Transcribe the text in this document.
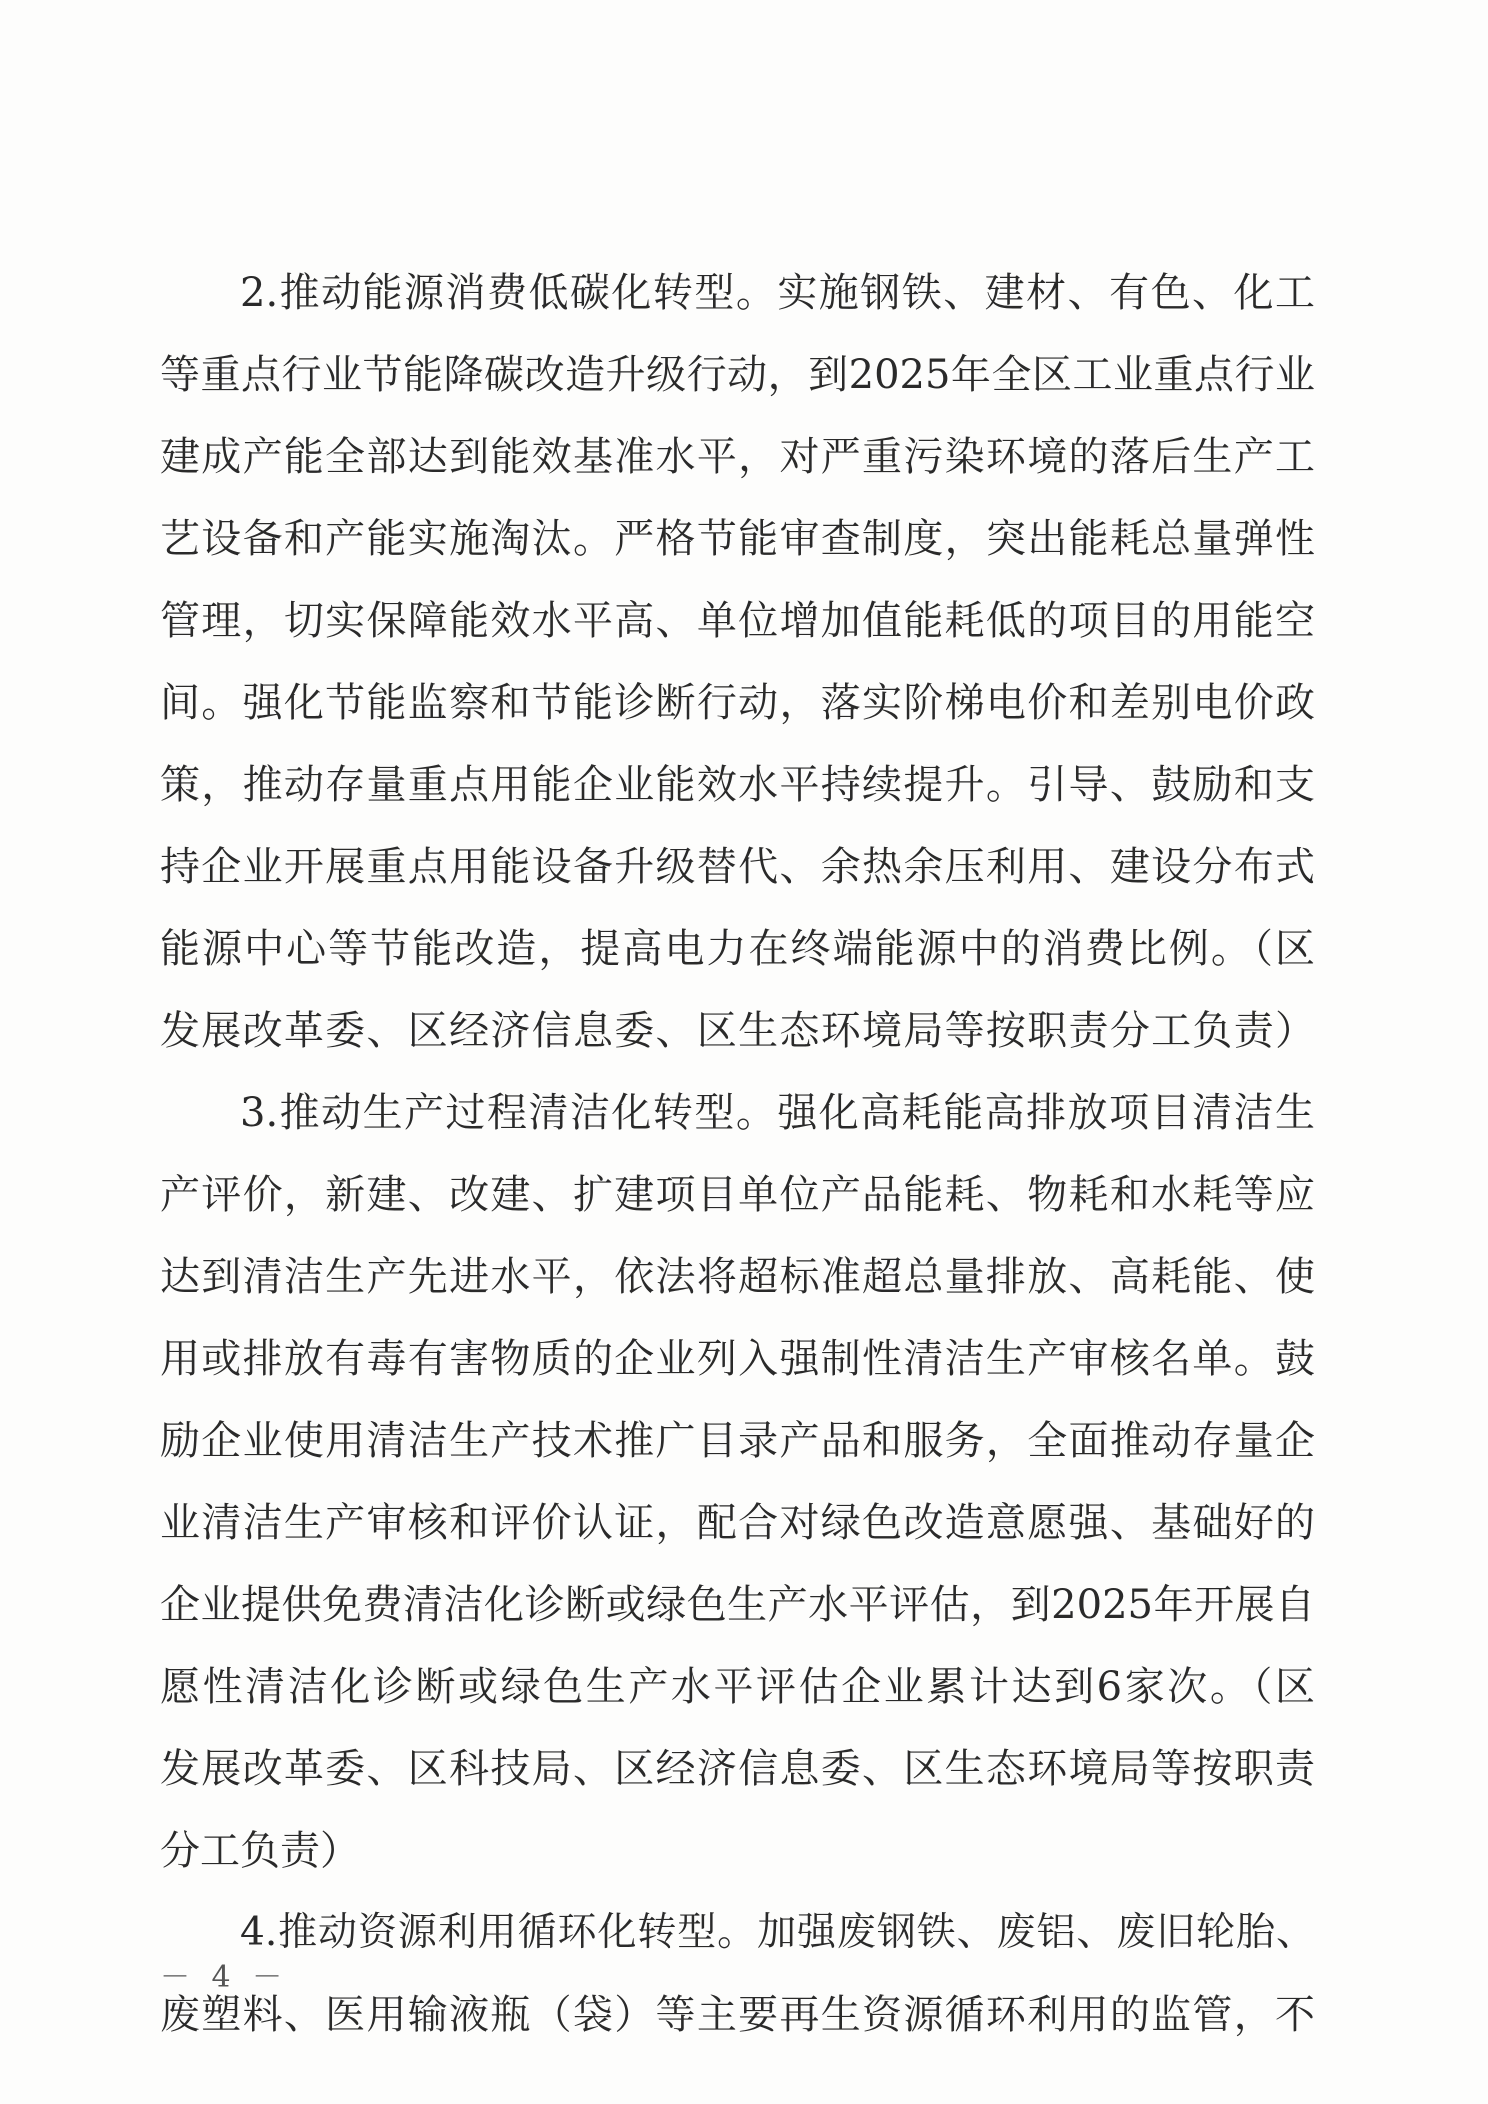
2.推动能源消费低碳化转型。实施钢铁、建材、有色、化工
等重点行业节能降碳改造升级行动，到2025年全区工业重点行业
建成产能全部达到能效基准水平，对严重污染环境的落后生产工
艺设备和产能实施淘汰。严格节能审查制度，突出能耗总量弹性
管理，切实保障能效水平高、单位增加值能耗低的项目的用能空
间。强化节能监察和节能诊断行动，落实阶梯电价和差别电价政
策，推动存量重点用能企业能效水平持续提升。引导、鼓励和支
持企业开展重点用能设备升级替代、余热余压利用、建设分布式
能源中心等节能改造，提高电力在终端能源中的消费比例。（区
发展改革委、区经济信息委、区生态环境局等按职责分工负责）
3.推动生产过程清洁化转型。强化高耗能高排放项目清洁生
产评价，新建、改建、扩建项目单位产品能耗、物耗和水耗等应
达到清洁生产先进水平，依法将超标准超总量排放、高耗能、使
用或排放有毒有害物质的企业列入强制性清洁生产审核名单。鼓
励企业使用清洁生产技术推广目录产品和服务，全面推动存量企
业清洁生产审核和评价认证，配合对绿色改造意愿强、基础好的
企业提供免费清洁化诊断或绿色生产水平评估，到2025年开展自
愿性清洁化诊断或绿色生产水平评估企业累计达到6家次。（区
发展改革委、区科技局、区经济信息委、区生态环境局等按职责
分工负责）
4.推动资源利用循环化转型。加强废钢铁、废铝、废旧轮胎、
废塑料、医用输液瓶（袋）等主要再生资源循环利用的监管，不
－ 4 －
